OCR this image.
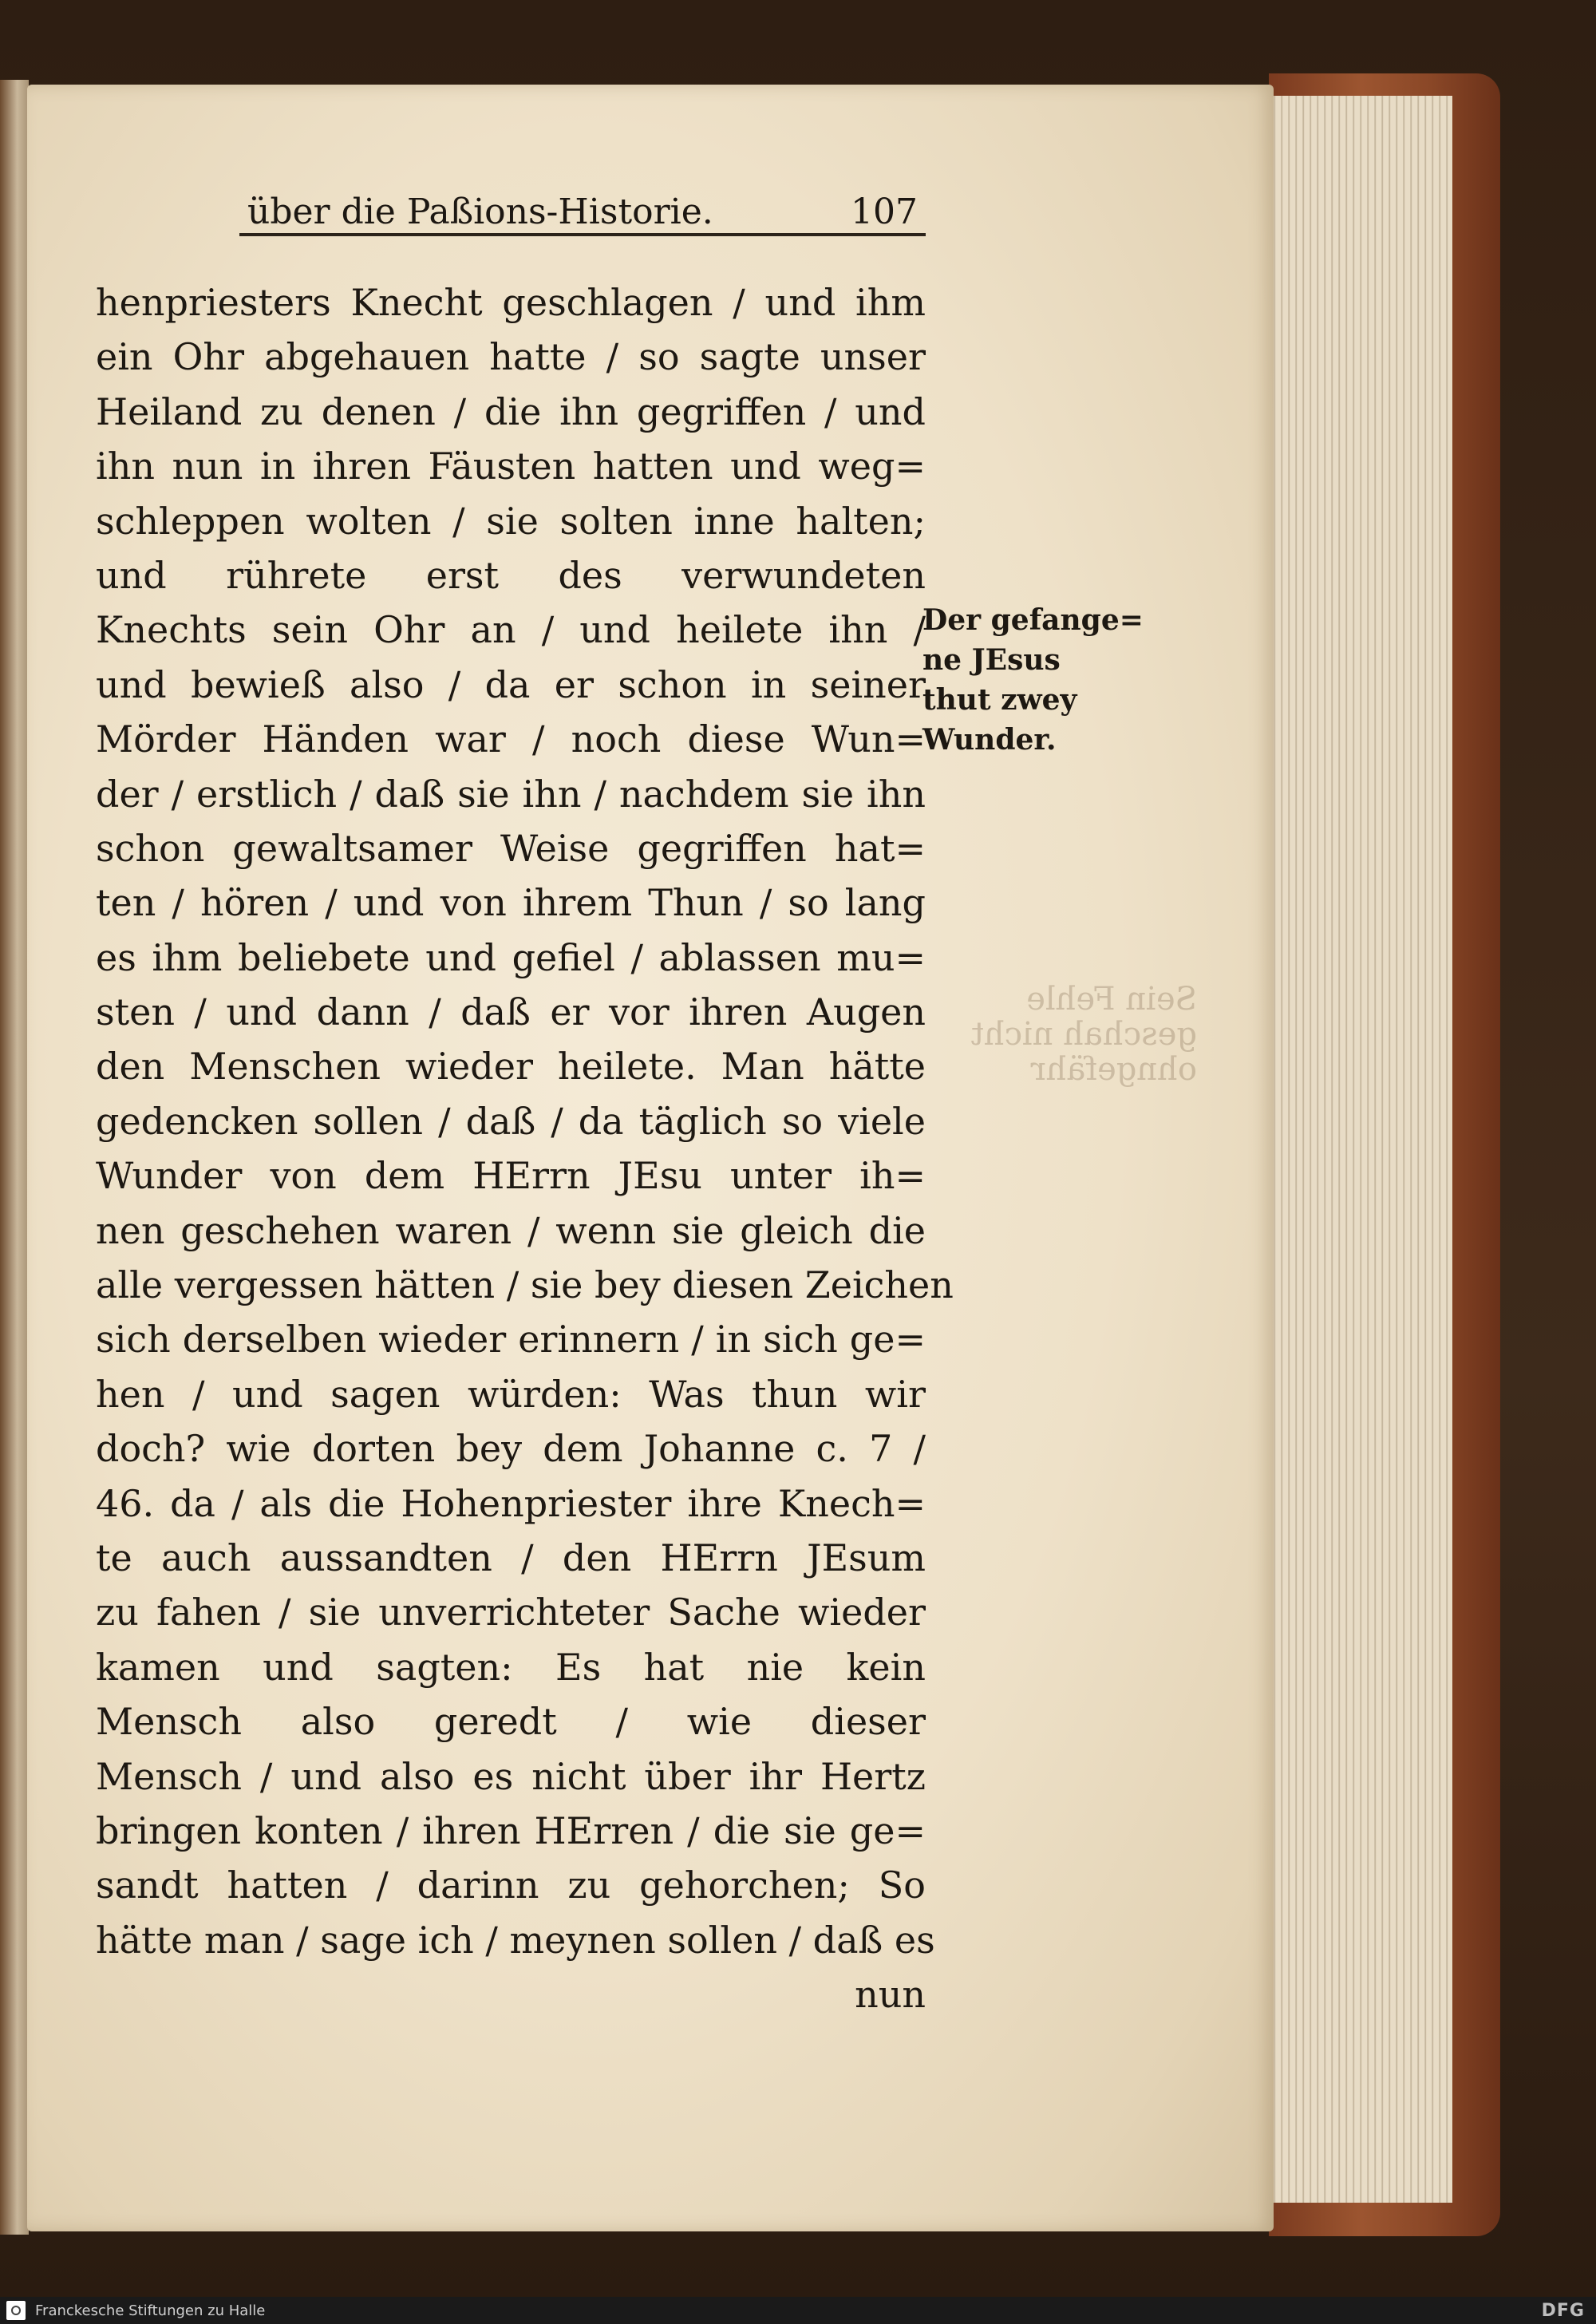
über die Paßions-Historie.	107
henpriesters Knecht geschlagen / und ihm
ein Ohr abgehauen hatte / so sagte unser
Heiland zu denen / die ihn gegriffen / und
ihn nun in ihren Fäusten hatten und weg=
schleppen wolten / sie solten inne halten;
und rührete erst des verwundeten
Knechts sein Ohr an / und heilete ihn /
und bewieß also / da er schon in seiner
Mörder Händen war / noch diese Wun=
der / erstlich / daß sie ihn / nachdem sie ihn
schon gewaltsamer Weise gegriffen hat=
ten / hören / und von ihrem Thun / so lang
es ihm beliebete und gefiel / ablassen mu=
sten / und dann / daß er vor ihren Augen
den Menschen wieder heilete. Man hätte
gedencken sollen / daß / da täglich so viele
Wunder von dem HErrn JEsu unter ih=
nen geschehen waren / wenn sie gleich die
alle vergessen hätten / sie bey diesen Zeichen
sich derselben wieder erinnern / in sich ge=
hen / und sagen würden: Was thun wir
doch? wie dorten bey dem Johanne c. 7 /
46. da / als die Hohenpriester ihre Knech=
te auch aussandten / den HErrn JEsum
zu fahen / sie unverrichteter Sache wieder
kamen und sagten: Es hat nie kein
Mensch also geredt / wie dieser
Mensch / und also es nicht über ihr Hertz
bringen konten / ihren HErren / die sie ge=
sandt hatten / darinn zu gehorchen; So
hätte man / sage ich / meynen sollen / daß es
nun
Der gefange=
ne JEsus
thut zwey
Wunder.
Sein Fehle
geschah nicht
ohngefähr
Franckesche Stiftungen zu Halle	DFG
